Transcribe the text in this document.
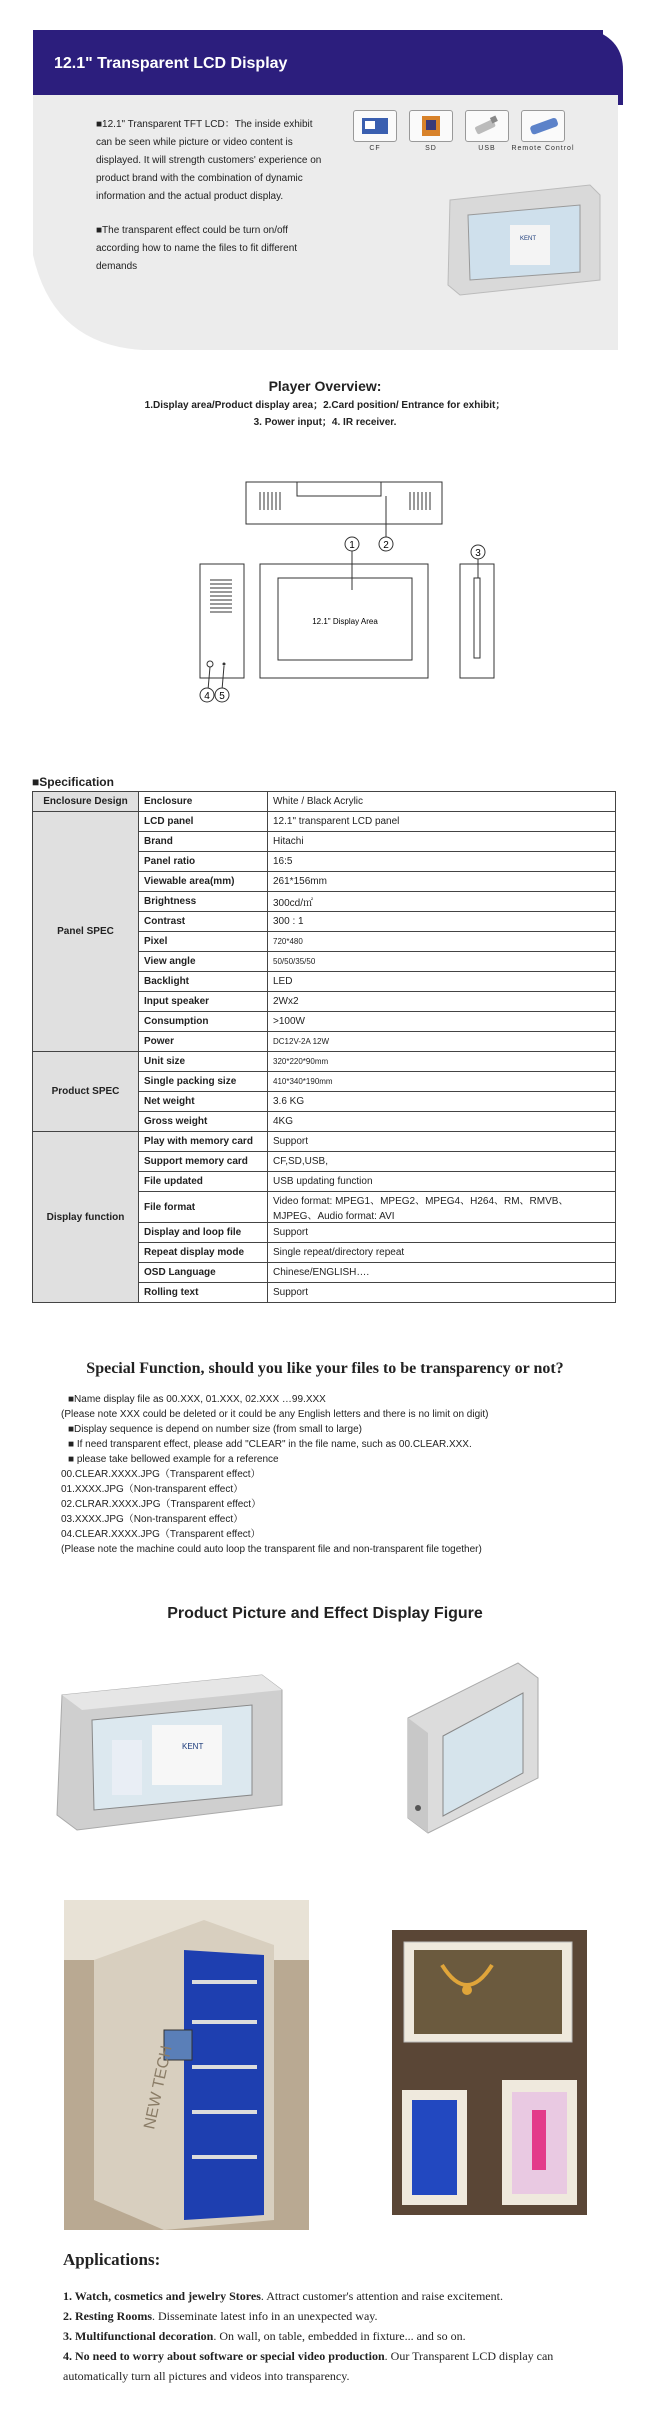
12.1" Transparent LCD Display

■12.1" Transparent TFT LCD：The inside exhibit can be seen while picture or video content is displayed. It will strength customers' experience on product brand with the combination of dynamic information and the actual product display.

■The transparent effect could be turn on/off according how to name the files to fit different demands

CF	SD	USB Remote Control
KENT
Player Overview:
1.Display area/Product display area；2.Card position/ Entrance for exhibit；
3. Power input；4. IR receiver.
12.1" Display Area
1	2
3
4 5
■Specification
Enclosure Design	Enclosure	White / Black Acrylic
Panel SPEC	LCD panel	12.1" transparent LCD panel
	Brand	Hitachi
	Panel ratio	16:5
	Viewable area(mm)	261*156mm
	Brightness	300cd/㎡
	Contrast	300 : 1
	Pixel	720*480
	View angle	50/50/35/50
	Backlight	LED
	Input speaker	2Wx2
	Consumption	>100W
	Power	DC12V-2A 12W
Product SPEC	Unit size	320*220*90mm
	Single packing size	410*340*190mm
	Net weight	3.6 KG
	Gross weight	4KG
Display function	Play with memory card	Support
	Support memory card	CF,SD,USB,
	File updated	USB updating function
	File format	Video format: MPEG1、MPEG2、MPEG4、H264、RM、RMVB、MJPEG、Audio format: AVI
	Display and loop file	Support
	Repeat display mode	Single repeat/directory repeat
	OSD Language	Chinese/ENGLISH….
	Rolling text	Support
Special Function, should you like your files to be transparency or not?
■Name display file as 00.XXX, 01.XXX, 02.XXX …99.XXX
(Please note XXX could be deleted or it could be any English letters and there is no limit on digit)
■Display sequence is depend on number size (from small to large)
■ If need transparent effect, please add "CLEAR" in the file name, such as 00.CLEAR.XXX.
■ please take bellowed example for a reference
00.CLEAR.XXXX.JPG（Transparent effect）
01.XXXX.JPG（Non-transparent effect）
02.CLRAR.XXXX.JPG（Transparent effect）
03.XXXX.JPG（Non-transparent effect）
04.CLEAR.XXXX.JPG（Transparent effect）
(Please note the machine could auto loop the transparent file and non-transparent file together)
Product Picture and Effect Display Figure
KENT
NEW TECH
Applications:

1. Watch, cosmetics and jewelry Stores. Attract customer's attention and raise excitement.

2. Resting Rooms. Disseminate latest info in an unexpected way.

3. Multifunctional decoration. On wall, on table, embedded in fixture... and so on.

4. No need to worry about software or special video production. Our Transparent LCD display can automatically turn all pictures and videos into transparency.
